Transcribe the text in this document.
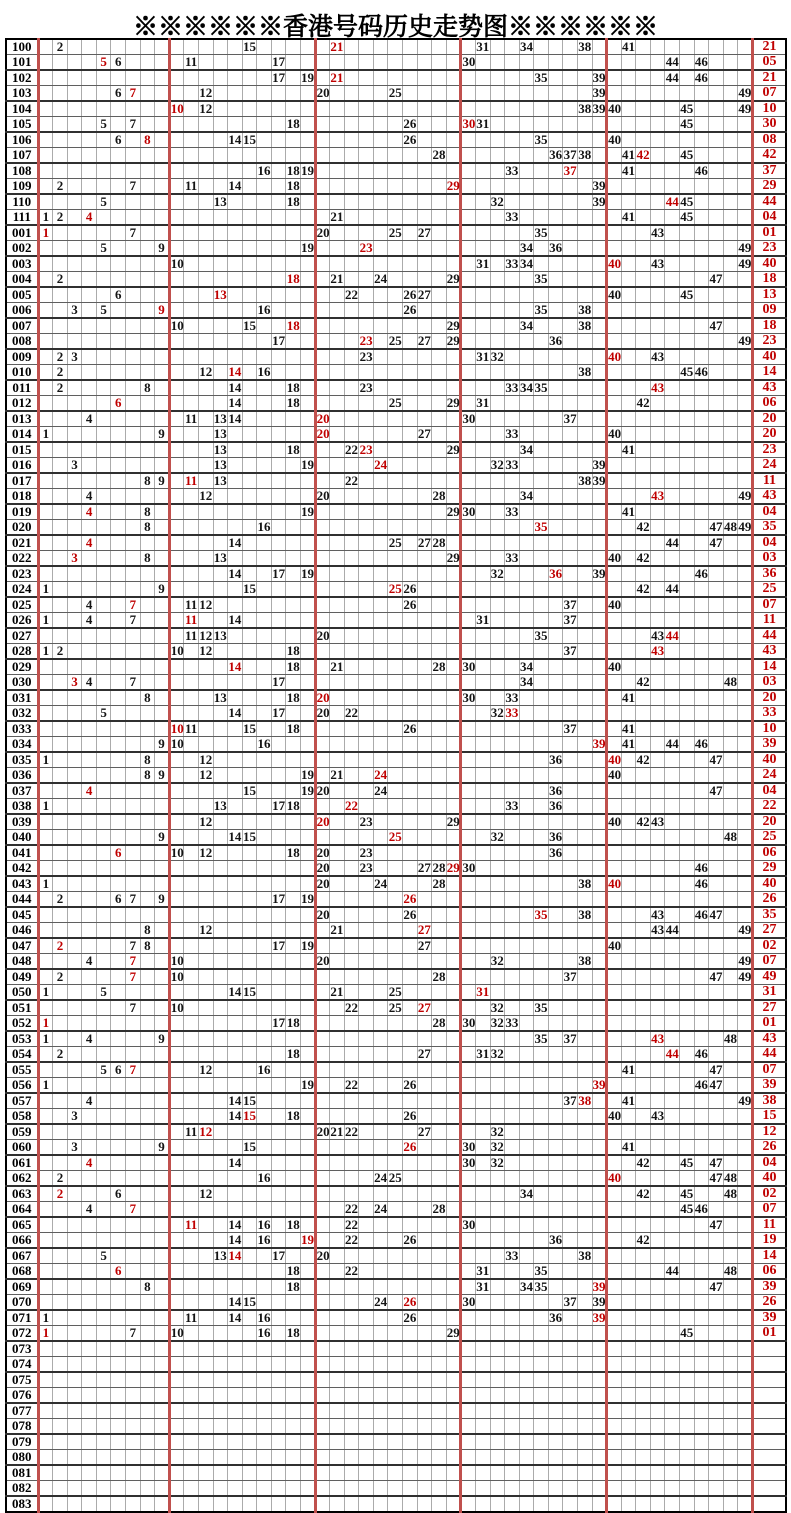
※※※※※※香港号码历史走势图※※※※※※
100		2													15						21										31			34				38			41									21
101					5	6					11						17													30														44		46				05
102																	17		19		21														35				39					44		46				21
103						6	7					12								20					25														39										49	07
104										10		12																										38	39	40					45				49	10
105					5		7											18								26				30	31														45					30
106						6		8						14	15											26									35					40										08
107																												28								36	37	38			41	42			45					42
108																16		18	19														33				37				41					46				37
109		2					7				11			14				18											29										39											29
110					5								13					18														32							39					44	45					44
111	1	2		4																	21												33								41				45					04
001	1						7													20					25		27								35								43							01
002					5				9										19				23											34		36													49	23
003										10																					31		33	34						40			43						49	40
004		2																18			21			24					29						35												47			18
005						6							13									22				26	27													40					45					13
006			3		5				9							16										26									35			38												09
007										10					15			18											29					34				38									47			18
008																	17						23		25		27		29							36													49	23
009		2	3																				23								31	32								40			43							40
010		2										12		14		16																						38							45	46				14
011		2						8						14				18					23										33	34	35								43							43
012						6								14				18							25				29		31											42								06
013				4							11		13	14						20										30							37													20
014	1								9				13							20							27						33							40										20
015													13					18				22	23						29					34							41									23
016			3										13						19					24								32	33						39											24
017								8	9		11		13									22																38	39											11
018				4								12								20								28						34									43						49	43
019				4				8											19										29	30			33								41									04
020								8								16																			35							42					47	48	49	35
021				4										14											25		27	28																44			47			04
022			3					8					13																29				33							40		42								03
023														14			17		19													32				36			39							46				36
024	1								9						15										25	26																42		44						25
025				4			7				11	12														26											37			40										07
026	1			4			7				11			14																	31						37													11
027											11	12	13							20															35								43	44						44
028	1	2								10		12						18																			37						43							43
029														14				18			21							28		30				34						40										14
030			3	4			7										17																	34								42						48		03
031								8					13					18		20										30			33								41									20
032					5									14			17			20		22										32	33																	33
033										10	11				15			18								26											37				41									10
034									9	10						16																							39		41			44		46				39
035	1							8				12																								36				40		42					47			40
036								8	9			12							19		21			24																40										24
037				4											15				19	20				24												36											47			04
038	1												13				17	18				22											33			36														22
039												12								20			23						29											40		42	43							20
040									9					14	15										25							32				36												48		25
041						6				10		12						18		20			23													36														06
042																				20			23				27	28	29	30																46				29
043	1																			20				24				28										38		40						46				40
044		2				6	7		9								17		19							26																								26
045																				20						26									35			38					43			46	47			35
046								8				12									21						27																43	44					49	27
047		2					7	8									17		19								27													40										02
048				4			7			10										20												32						38											49	07
049		2					7			10																		28									37										47		49	49
050	1				5									14	15						21				25						31																			31
051							7			10												22			25		27					32			35															27
052	1																17	18										28		30		32	33																	01
053	1			4					9																										35		37						43					48		43
054		2																18									27				31	32												44		46				44
055					5	6	7					12				16																									41						47			07
056	1																		19			22				26													39							46	47			39
057				4										14	15																						37	38			41								49	38
058			3											14	15			18								26														40			43							15
059											11	12								20	21	22					27					32																		12
060			3						9						15											26				30		32									41									26
061				4										14																30		32										42			45		47			04
062		2														16								24	25															40							47	48		40
063		2				6						12																						34								42			45			48		02
064				4			7															22		24				28																	45	46				07
065											11			14		16		18				22								30																	47			11
066														14		16			19			22				26										36						42								19
067					5								13	14			17			20													33					38												14
068						6												18				22									31				35									44				48		06
069								8										18													31			34	35				39								47			39
070														14	15									24		26				30							37		39											26
071	1										11			14		16										26										36			39											39
072	1						7			10						16		18											29																45					01
073																																																		
074																																																		
075																																																		
076																																																		
077																																																		
078																																																		
079																																																		
080																																																		
081																																																		
082																																																		
083																																																		
